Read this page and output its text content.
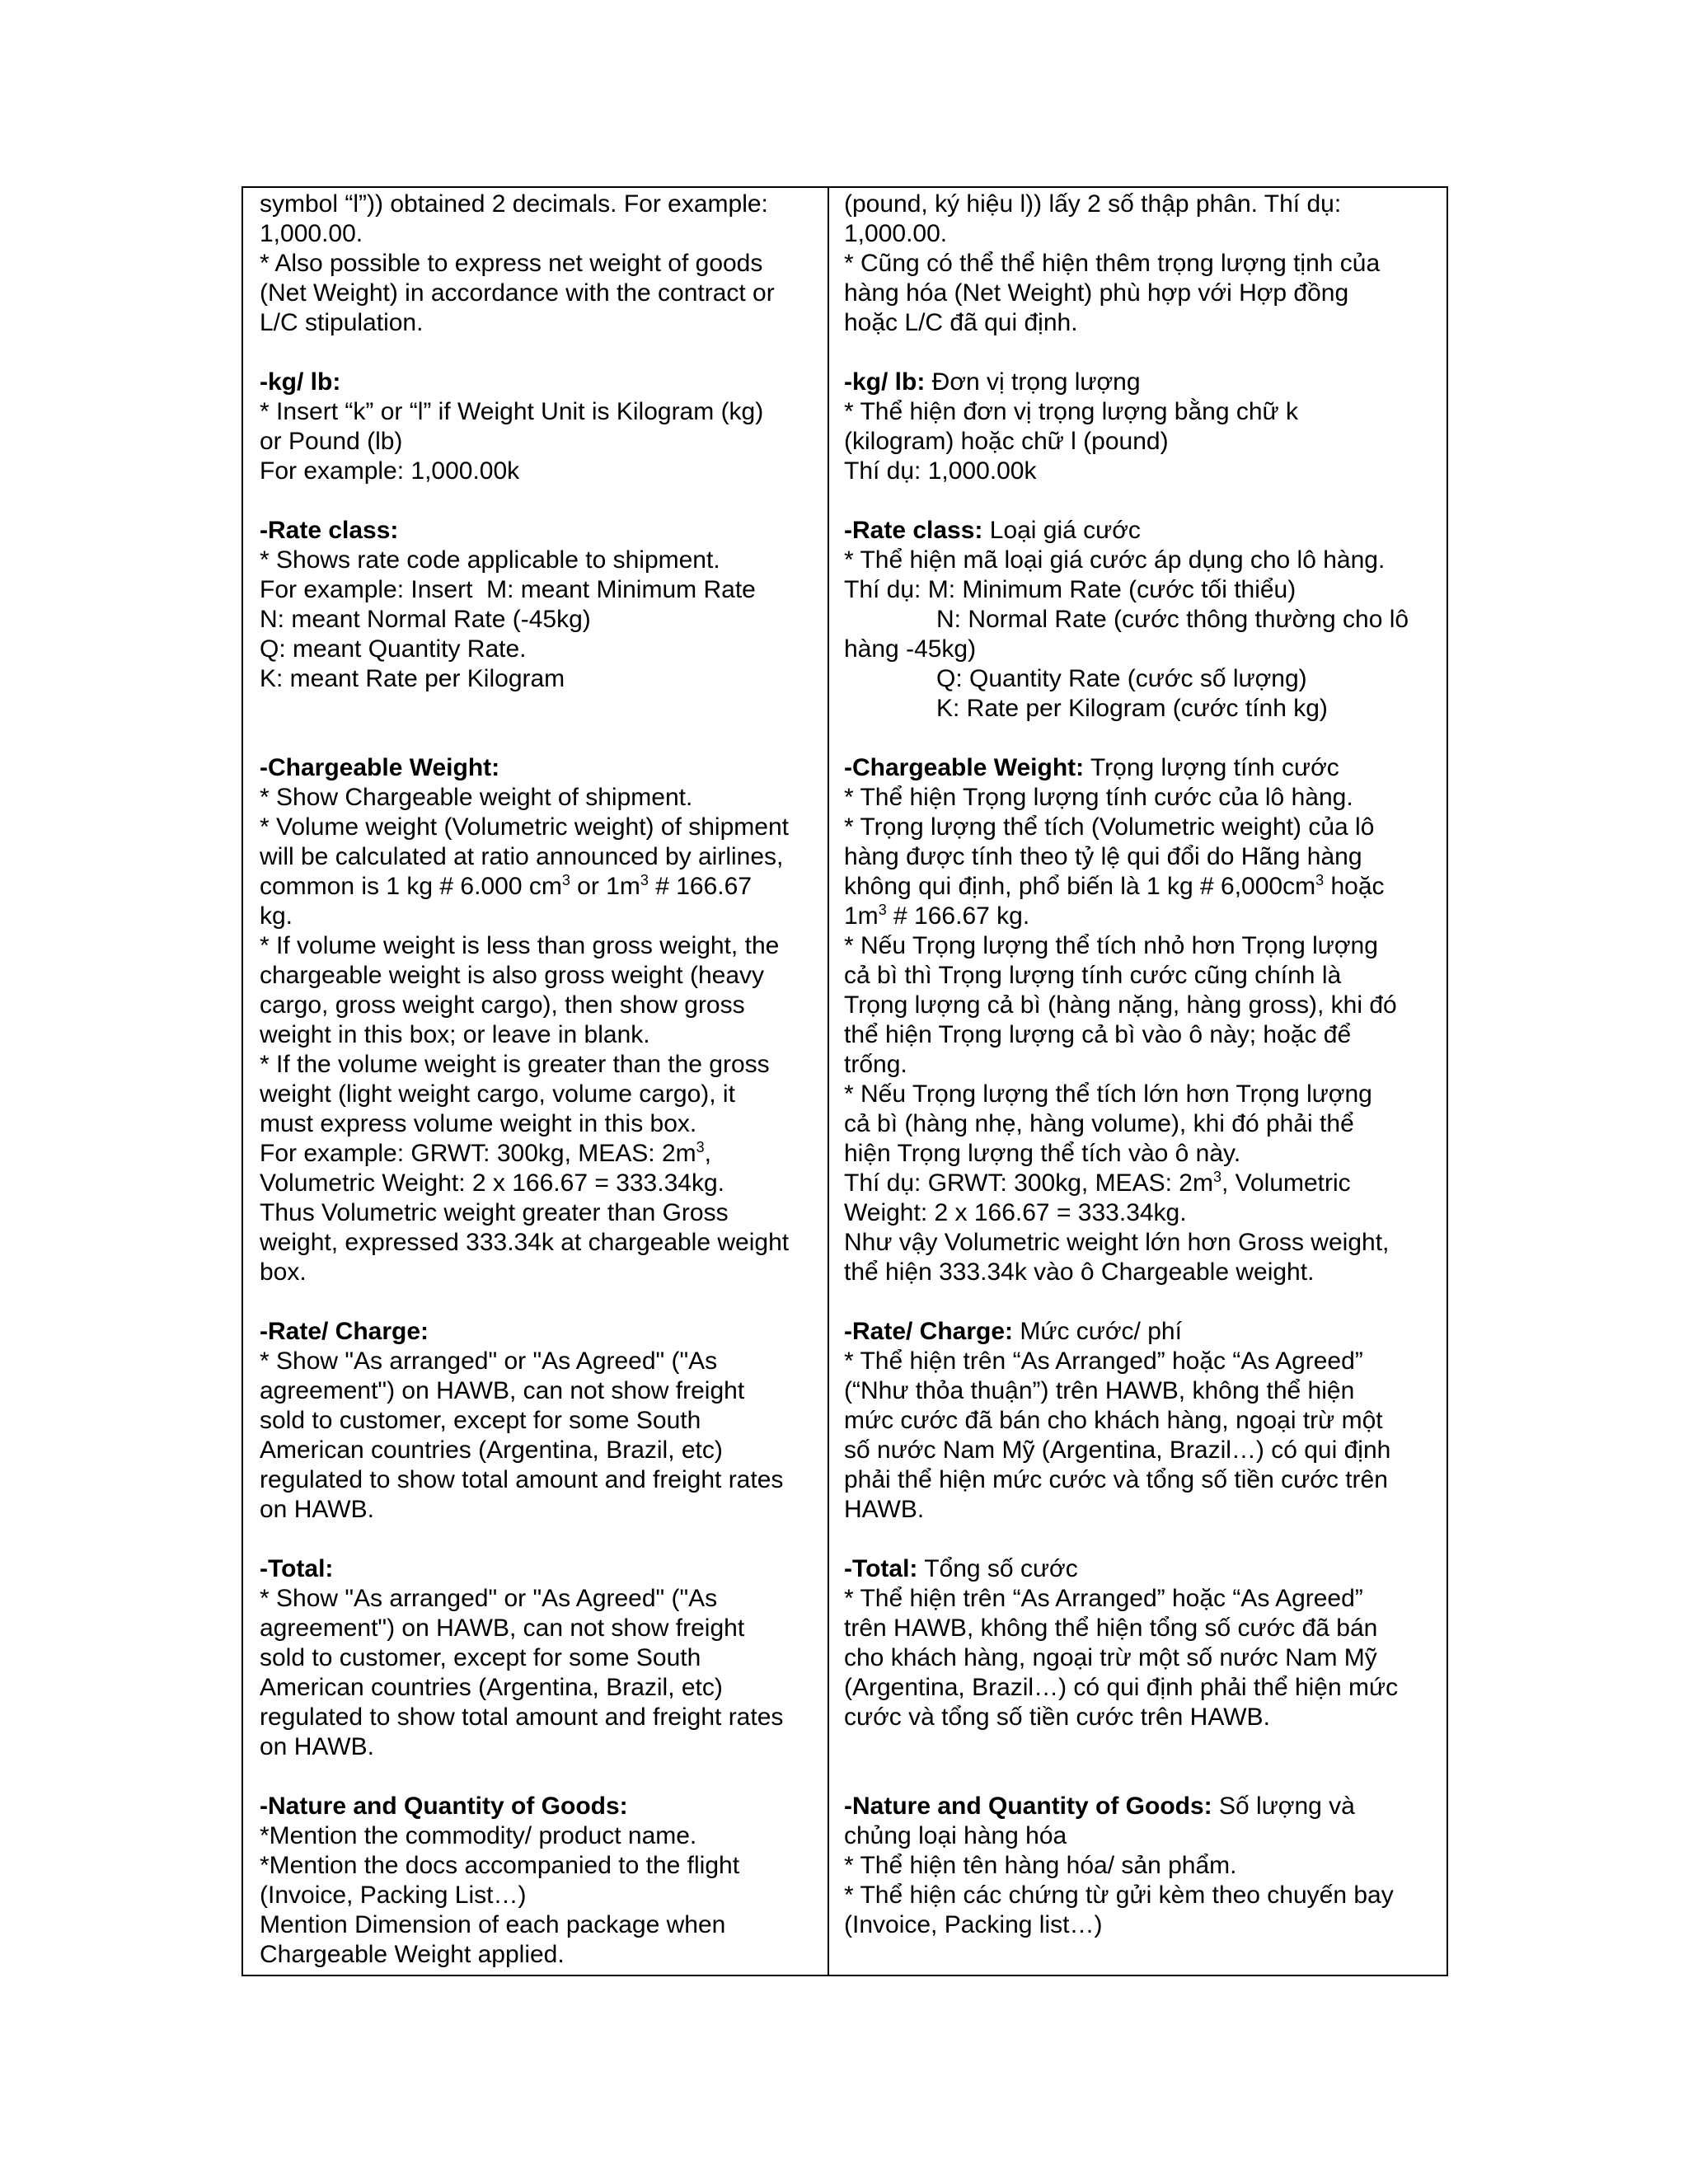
symbol “l”)) obtained 2 decimals. For example:
1,000.00.
* Also possible to express net weight of goods
(Net Weight) in accordance with the contract or
L/C stipulation.
-kg/ lb:
* Insert “k” or “l” if Weight Unit is Kilogram (kg)
or Pound (lb)
For example: 1,000.00k
-Rate class:
* Shows rate code applicable to shipment.
For example: Insert  M: meant Minimum Rate
N: meant Normal Rate (-45kg)
Q: meant Quantity Rate.
K: meant Rate per Kilogram
-Chargeable Weight:
* Show Chargeable weight of shipment.
* Volume weight (Volumetric weight) of shipment
will be calculated at ratio announced by airlines,
common is 1 kg # 6.000 $cm^3$ or $1m^3$ # 166.67
kg.
* If volume weight is less than gross weight, the
chargeable weight is also gross weight (heavy
cargo, gross weight cargo), then show gross
weight in this box; or leave in blank.
* If the volume weight is greater than the gross
weight (light weight cargo, volume cargo), it
must express volume weight in this box.
For example: GRWT: 300kg, MEAS: $2m^3$,
Volumetric Weight: 2 x 166.67 = 333.34kg.
Thus Volumetric weight greater than Gross
weight, expressed 333.34k at chargeable weight
box.
-Rate/ Charge:
* Show "As arranged" or "As Agreed" ("As
agreement") on HAWB, can not show freight
sold to customer, except for some South
American countries (Argentina, Brazil, etc)
regulated to show total amount and freight rates
on HAWB.
-Total:
* Show "As arranged" or "As Agreed" ("As
agreement") on HAWB, can not show freight
sold to customer, except for some South
American countries (Argentina, Brazil, etc)
regulated to show total amount and freight rates
on HAWB.
-Nature and Quantity of Goods:
*Mention the commodity/ product name.
*Mention the docs accompanied to the flight
(Invoice, Packing List…)
Mention Dimension of each package when
Chargeable Weight applied.
(pound, ký hiệu l)) lấy 2 số thập phân. Thí dụ:
1,000.00.
* Cũng có thể thể hiện thêm trọng lượng tịnh của
hàng hóa (Net Weight) phù hợp với Hợp đồng
hoặc L/C đã qui định.
-kg/ lb: Đơn vị trọng lượng
* Thể hiện đơn vị trọng lượng bằng chữ k
(kilogram) hoặc chữ l (pound)
Thí dụ: 1,000.00k
-Rate class: Loại giá cước
* Thể hiện mã loại giá cước áp dụng cho lô hàng.
Thí dụ: M: Minimum Rate (cước tối thiểu)
N: Normal Rate (cước thông thường cho lô
hàng -45kg)
Q: Quantity Rate (cước số lượng)
K: Rate per Kilogram (cước tính kg)
-Chargeable Weight: Trọng lượng tính cước
* Thể hiện Trọng lượng tính cước của lô hàng.
* Trọng lượng thể tích (Volumetric weight) của lô
hàng được tính theo tỷ lệ qui đổi do Hãng hàng
không qui định, phổ biến là 1 kg # $6,000cm^3$ hoặc
$1m^3$ # 166.67 kg.
* Nếu Trọng lượng thể tích nhỏ hơn Trọng lượng
cả bì thì Trọng lượng tính cước cũng chính là
Trọng lượng cả bì (hàng nặng, hàng gross), khi đó
thể hiện Trọng lượng cả bì vào ô này; hoặc để
trống.
* Nếu Trọng lượng thể tích lớn hơn Trọng lượng
cả bì (hàng nhẹ, hàng volume), khi đó phải thể
hiện Trọng lượng thể tích vào ô này.
Thí dụ: GRWT: 300kg, MEAS: $2m^3$, Volumetric
Weight: 2 x 166.67 = 333.34kg.
Như vậy Volumetric weight lớn hơn Gross weight,
thể hiện 333.34k vào ô Chargeable weight.
-Rate/ Charge: Mức cước/ phí
* Thể hiện trên “As Arranged” hoặc “As Agreed”
(“Như thỏa thuận”) trên HAWB, không thể hiện
mức cước đã bán cho khách hàng, ngoại trừ một
số nước Nam Mỹ (Argentina, Brazil…) có qui định
phải thể hiện mức cước và tổng số tiền cước trên
HAWB.
-Total: Tổng số cước
* Thể hiện trên “As Arranged” hoặc “As Agreed”
trên HAWB, không thể hiện tổng số cước đã bán
cho khách hàng, ngoại trừ một số nước Nam Mỹ
(Argentina, Brazil…) có qui định phải thể hiện mức
cước và tổng số tiền cước trên HAWB.
-Nature and Quantity of Goods: Số lượng và
chủng loại hàng hóa
* Thể hiện tên hàng hóa/ sản phẩm.
* Thể hiện các chứng từ gửi kèm theo chuyến bay
(Invoice, Packing list…)
